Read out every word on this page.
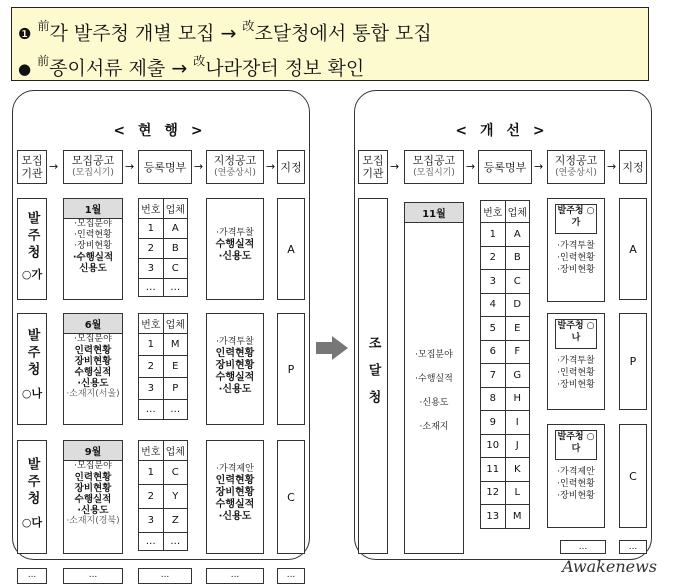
❶ $^前$각 발주청 개별 모집 → $^改$조달청에서 통합 모집
● $^前$종이서류 제출 → $^改$나라장터 정보 확인
< 현 행 >
모집기관
→	모집공고
(모집시기)	→ 등록명부 → 지정공고
(연중상시) → 지정
발주청
○가
1월
·모집분야
·인력현황
·장비현황
·수행실적
신용도
번호	업체
1	A
2	B
3	C
…	…
·가격투찰
수행실적
·신용도
A
발주청
○나
6월
·모집분야
인력현황
장비현황
수행실적
·신용도
·소재지(서울)
번호	업체
1	M
2	E
3	P
…	…
·가격투찰
인력현황
장비현황
수행실적
·신용도
P
발주청
○다
9월
·모집분야
인력현황
장비현황
수행실적
·신용도
·소재지(경북)
번호	업체
1	C
2	Y
3	Z
…	…
·가격제안
인력현황
장비현황
수행실적
·신용도
C
...	...	...	...	...
< 개 선 >
모집기관
→	모집공고
(모집시기)	→ 등록명부 →	지정공고
(연중상시) → 지정
조달청
11월
·모집분야
·수행실적
·신용도
·소재지
번호	업체
1	A
2	B
3	C
4	D
5	E
6	F
7	G
8	H
9	I
10	J
11	K
12	L
13	M
발주청 ○가
·가격투찰
·인력현황
·장비현황
발주청 ○나
·가격투찰
·인력현황
·장비현황
발주청 ○다
·가격제안
·인력현황
·장비현황
A
P
C
...	...
Awakenews
